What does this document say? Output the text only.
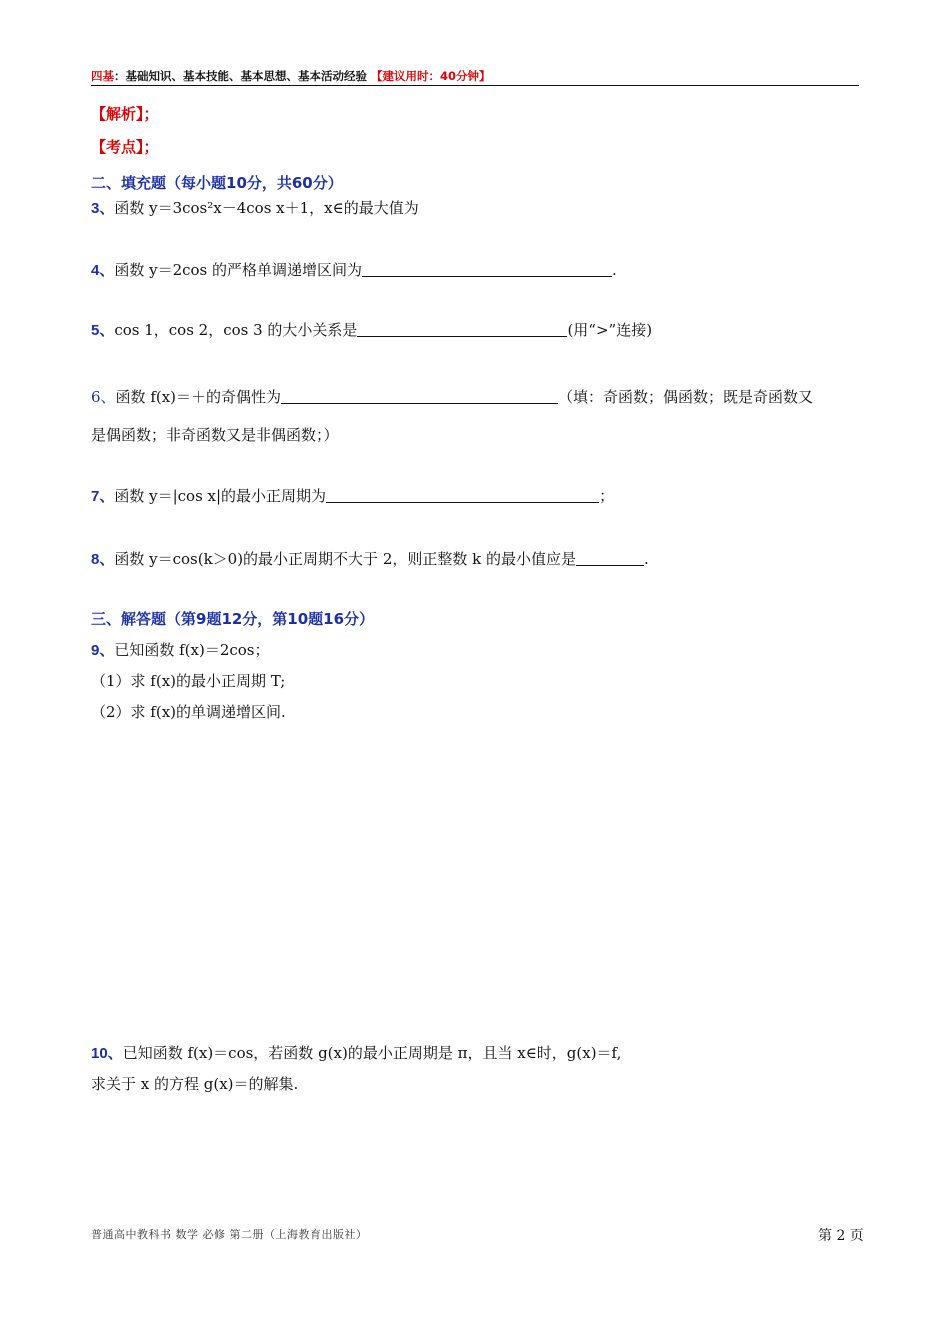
四基：基础知识、基本技能、基本思想、基本活动经验 【建议用时：40分钟】
【解析】；
【考点】；
二、填充题（每小题10分，共60分）
3、函数 y＝3cos²x－4cos x＋1，x∈的最大值为
4、函数 y＝2cos 的严格单调递增区间为	.
5、cos 1，cos 2，cos 3 的大小关系是	(用“>”连接)
6、函数 f(x)＝＋的奇偶性为	（填：奇函数；偶函数；既是奇函数又
是偶函数；非奇函数又是非偶函数；）
7、函数 y＝|cos x|的最小正周期为	；
8、函数 y＝cos(k＞0)的最小正周期不大于 2，则正整数 k 的最小值应是	.
三、解答题（第9题12分，第10题16分）
9、已知函数 f(x)＝2cos；
（1）求 f(x)的最小正周期 T;
（2）求 f(x)的单调递增区间.
10、已知函数 f(x)＝cos，若函数 g(x)的最小正周期是 π，且当 x∈时，g(x)＝f,
求关于 x 的方程 g(x)＝的解集.
普通高中教科书 数学 必修 第二册（上海教育出版社）	第 2 页
